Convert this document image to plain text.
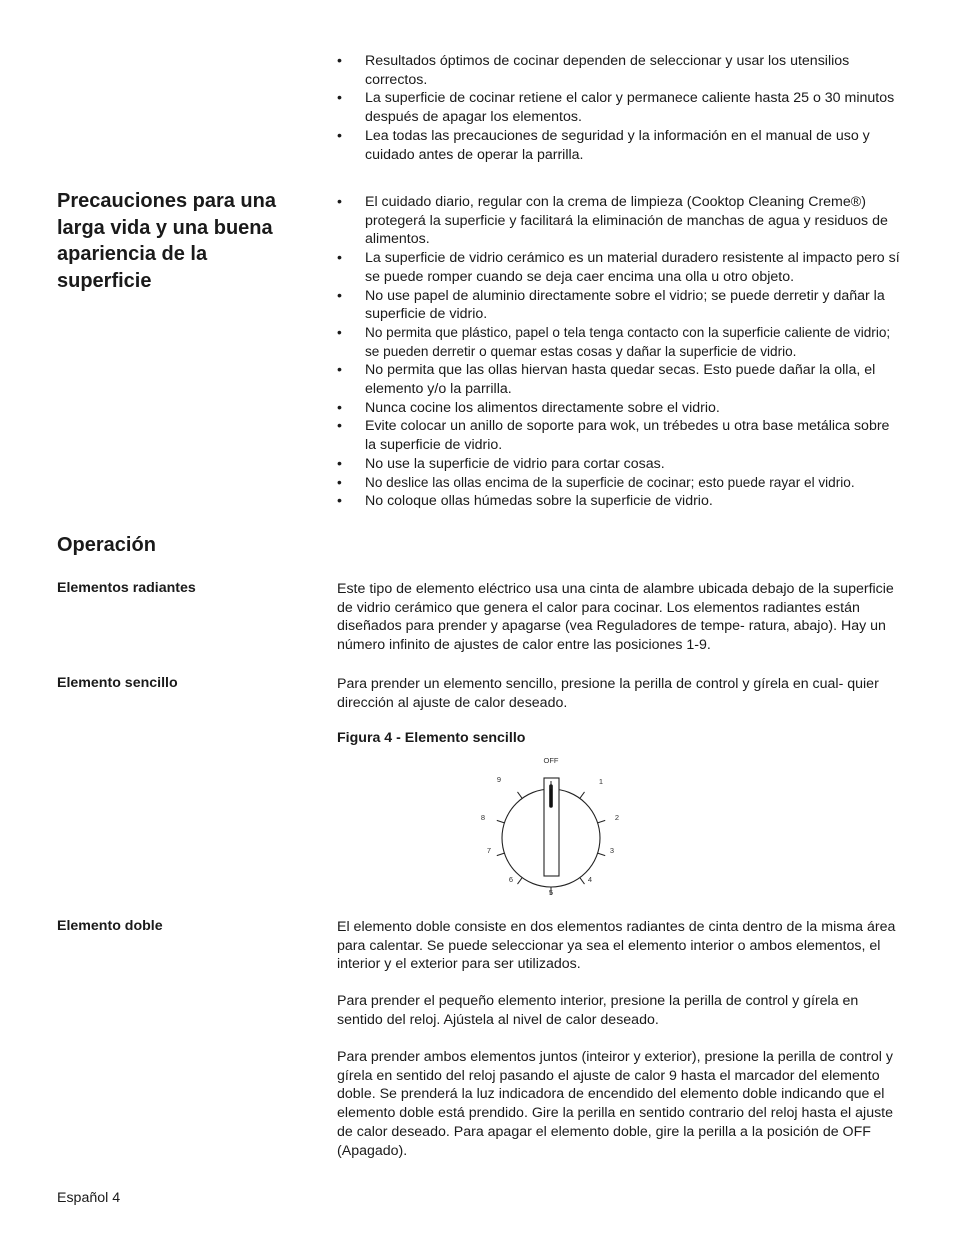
• Resultados óptimos de cocinar dependen de seleccionar y usar los utensilios correctos.
• La superficie de cocinar retiene el calor y permanece caliente hasta 25 o 30 minutos después de apagar los elementos.
• Lea todas las precauciones de seguridad y la información en el manual de uso y cuidado antes de operar la parrilla.
Precauciones para una larga vida y una buena apariencia de la superficie
• El cuidado diario, regular con la crema de limpieza (Cooktop Cleaning Creme®) protegerá la superficie y facilitará la eliminación de manchas de agua y residuos de alimentos.
• La superficie de vidrio cerámico es un material duradero resistente al impacto pero sí se puede romper cuando se deja caer encima una olla u otro objeto.
• No use papel de aluminio directamente sobre el vidrio; se puede derretir y dañar la superficie de vidrio.
• No permita que plástico, papel o tela tenga contacto con la superficie caliente de vidrio; se pueden derretir o quemar estas cosas y dañar la superficie de vidrio.
• No permita que las ollas hiervan hasta quedar secas. Esto puede dañar la olla, el elemento y/o la parrilla.
• Nunca cocine los alimentos directamente sobre el vidrio.
• Evite colocar un anillo de soporte para wok, un trébedes u otra base metálica sobre la superficie de vidrio.
• No use la superficie de vidrio para cortar cosas.
• No deslice las ollas encima de la superficie de cocinar; esto puede rayar el vidrio.
• No coloque ollas húmedas sobre la superficie de vidrio.
Operación
Elementos radiantes	Este tipo de elemento eléctrico usa una cinta de alambre ubicada debajo de la superficie de vidrio cerámico que genera el calor para cocinar. Los elementos radiantes están diseñados para prender y apagarse (vea Reguladores de tempe- ratura, abajo). Hay un número infinito de ajustes de calor entre las posiciones 1-9.

Elemento sencillo	Para prender un elemento sencillo, presione la perilla de control y gírela en cual- quier dirección al ajuste de calor deseado.

Figura 4 - Elemento sencillo

OFF
1
2
3
4
5
6
7
8
9
Elemento doble	El elemento doble consiste en dos elementos radiantes de cinta dentro de la misma área para calentar. Se puede seleccionar ya sea el elemento interior o ambos elementos, el interior y el exterior para ser utilizados.

Para prender el pequeño elemento interior, presione la perilla de control y gírela en sentido del reloj. Ajústela al nivel de calor deseado.

Para prender ambos elementos juntos (inteiror y exterior), presione la perilla de control y gírela en sentido del reloj pasando el ajuste de calor 9 hasta el marcador del elemento doble. Se prenderá la luz indicadora de encendido del elemento doble indicando que el elemento doble está prendido. Gire la perilla en sentido contrario del reloj hasta el ajuste de calor deseado. Para apagar el elemento doble, gire la perilla a la posición de OFF (Apagado).

Español 4
